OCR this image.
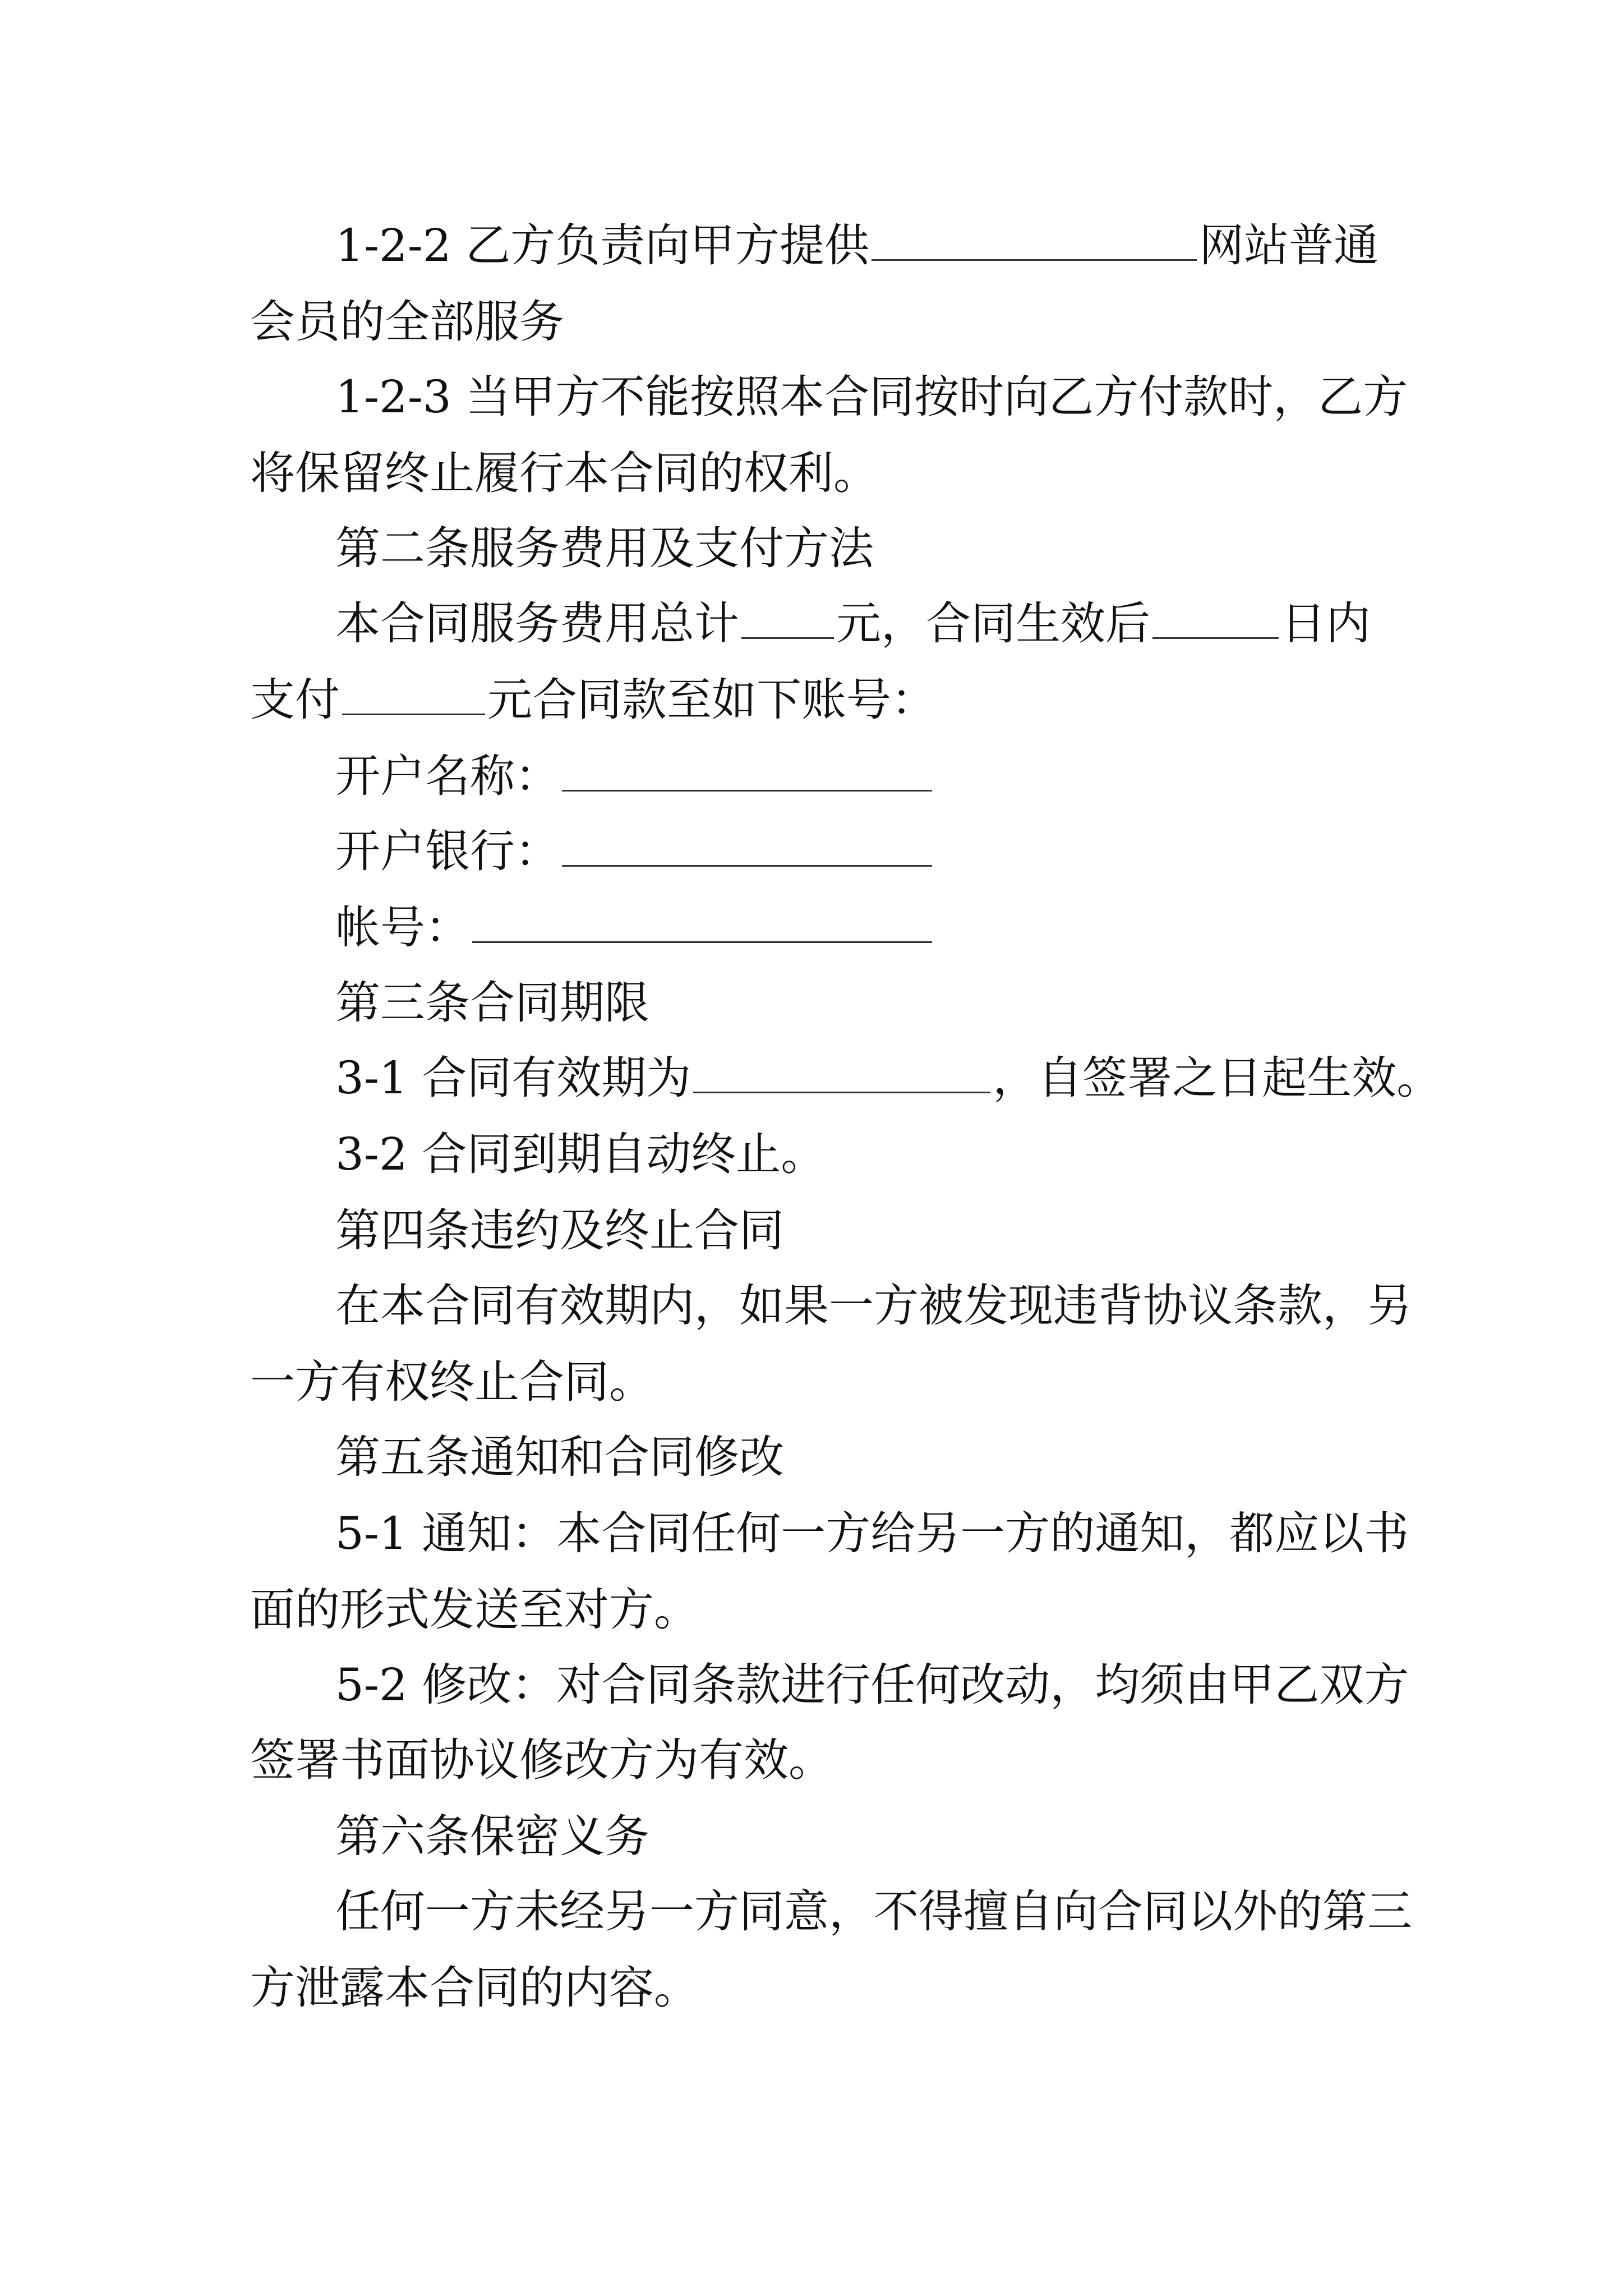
1-2-2 乙方负责向甲方提供	网站普通
会员的全部服务
1-2-3 当甲方不能按照本合同按时向乙方付款时，乙方
将保留终止履行本合同的权利。
第二条服务费用及支付方法
本合同服务费用总计 元，合同生效后	日内
支付	元合同款至如下账号：
开户名称：
开户银行：
帐号：
第三条合同期限
3-1 合同有效期为	，自签署之日起生效。
3-2 合同到期自动终止。
第四条违约及终止合同
在本合同有效期内，如果一方被发现违背协议条款，另
一方有权终止合同。
第五条通知和合同修改
5-1 通知：本合同任何一方给另一方的通知，都应以书
面的形式发送至对方。
5-2 修改：对合同条款进行任何改动，均须由甲乙双方
签署书面协议修改方为有效。
第六条保密义务
任何一方未经另一方同意，不得擅自向合同以外的第三
方泄露本合同的内容。
